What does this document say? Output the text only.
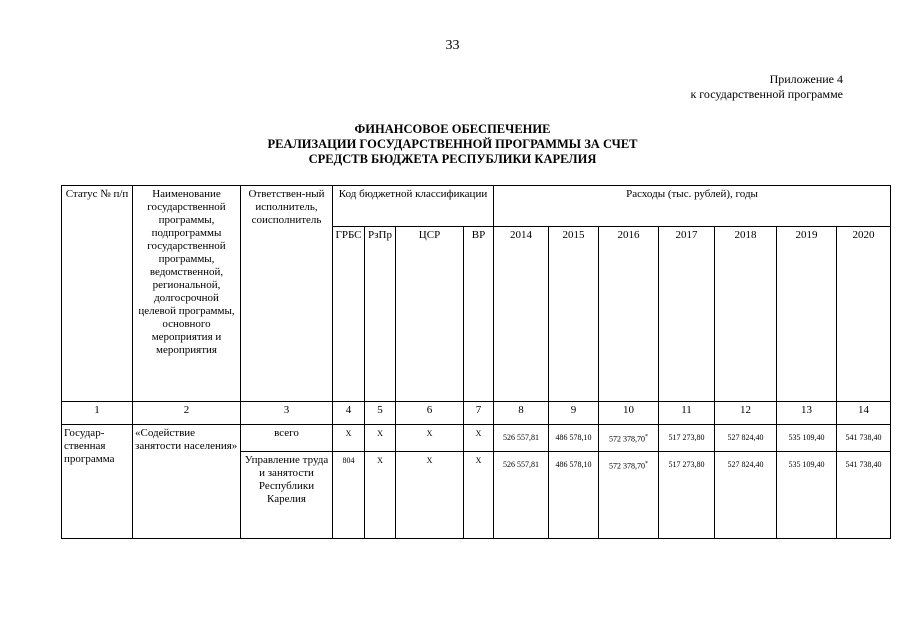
33
Приложение 4
к государственной программе
ФИНАНСОВОЕ ОБЕСПЕЧЕНИЕ
РЕАЛИЗАЦИИ ГОСУДАРСТВЕННОЙ ПРОГРАММЫ ЗА СЧЕТ
СРЕДСТВ БЮДЖЕТА РЕСПУБЛИКИ КАРЕЛИЯ
Статус № п/п	Наименование государственной программы, подпрограммы государственной программы, ведомственной, региональной, долгосрочной целевой программы, основного мероприятия и мероприятия	Ответствен-ный исполнитель, соисполнитель	Код бюджетной классификации				Расходы (тыс. рублей), годы						
			ГРБС	РзПр	ЦСР	ВР	2014	2015	2016	2017	2018	2019	2020
1	2	3	4	5	6	7	8	9	10	11	12	13	14
Государ-ственная программа	«Содействие занятости населения»	всего	Х	Х	Х	Х	526 557,81	486 578,10	572 378,70*	517 273,80	527 824,40	535 109,40	541 738,40
		Управление труда и занятости Республики Карелия	804	Х	Х	Х	526 557,81	486 578,10	572 378,70*	517 273,80	527 824,40	535 109,40	541 738,40
